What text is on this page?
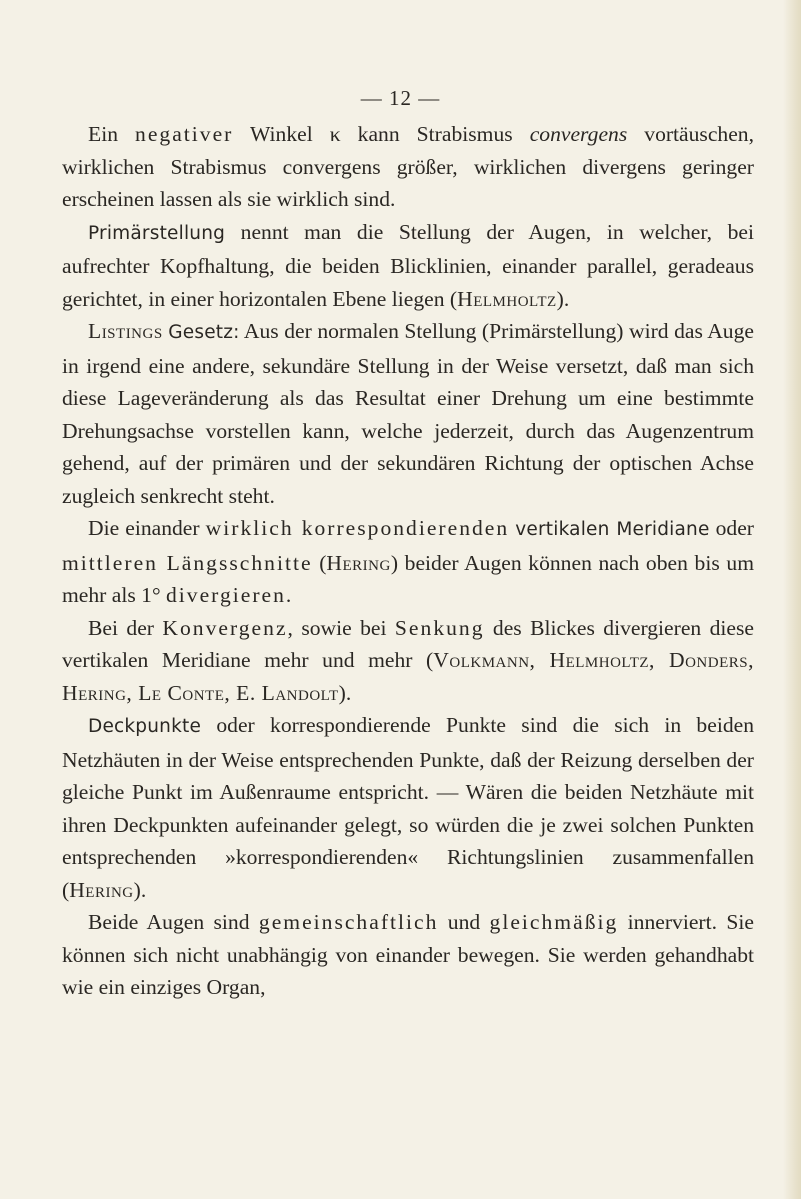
— 12 —

Ein negativer Winkel κ kann Strabismus convergens vortäuschen, wirklichen Strabismus convergens größer, wirklichen divergens geringer erscheinen lassen als sie wirklich sind.

Primärstellung nennt man die Stellung der Augen, in welcher, bei aufrechter Kopfhaltung, die beiden Blicklinien, einander parallel, geradeaus gerichtet, in einer horizontalen Ebene liegen (Helmholtz).

Listings Gesetz: Aus der normalen Stellung (Primärstellung) wird das Auge in irgend eine andere, sekundäre Stellung in der Weise versetzt, daß man sich diese Lageveränderung als das Resultat einer Drehung um eine bestimmte Drehungsachse vorstellen kann, welche jederzeit, durch das Augenzentrum gehend, auf der primären und der sekundären Richtung der optischen Achse zugleich senkrecht steht.

Die einander wirklich korrespondierenden vertikalen Meridiane oder mittleren Längsschnitte (Hering) beider Augen können nach oben bis um mehr als 1° divergieren.

Bei der Konvergenz, sowie bei Senkung des Blickes divergieren diese vertikalen Meridiane mehr und mehr (Volkmann, Helmholtz, Donders, Hering, Le Conte, E. Landolt).

Deckpunkte oder korrespondierende Punkte sind die sich in beiden Netzhäuten in der Weise entsprechenden Punkte, daß der Reizung derselben der gleiche Punkt im Außenraume entspricht. — Wären die beiden Netzhäute mit ihren Deckpunkten aufeinander gelegt, so würden die je zwei solchen Punkten entsprechenden »korrespondierenden« Richtungslinien zusammenfallen (Hering).

Beide Augen sind gemeinschaftlich und gleichmäßig innerviert. Sie können sich nicht unabhängig von einander bewegen. Sie werden gehandhabt wie ein einziges Organ,
